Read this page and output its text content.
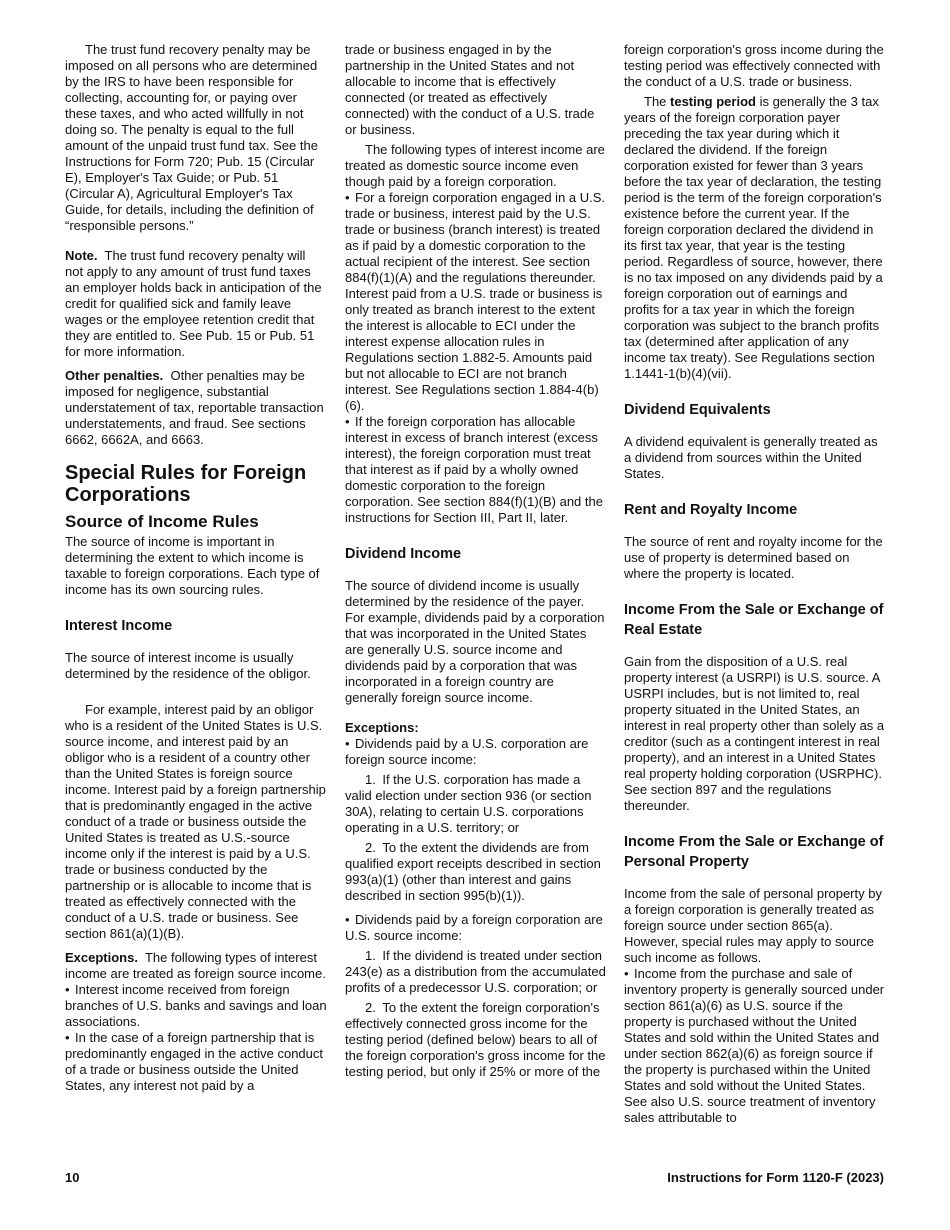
The trust fund recovery penalty may be imposed on all persons who are determined by the IRS to have been responsible for collecting, accounting for, or paying over these taxes, and who acted willfully in not doing so. The penalty is equal to the full amount of the unpaid trust fund tax. See the Instructions for Form 720; Pub. 15 (Circular E), Employer's Tax Guide; or Pub. 51 (Circular A), Agricultural Employer's Tax Guide, for details, including the definition of “responsible persons.”

Note. The trust fund recovery penalty will not apply to any amount of trust fund taxes an employer holds back in anticipation of the credit for qualified sick and family leave wages or the employee retention credit that they are entitled to. See Pub. 15 or Pub. 51 for more information.

Other penalties. Other penalties may be imposed for negligence, substantial understatement of tax, reportable transaction understatements, and fraud. See sections 6662, 6662A, and 6663.

Special Rules for Foreign Corporations
Source of Income Rules

The source of income is important in determining the extent to which income is taxable to foreign corporations. Each type of income has its own sourcing rules.

Interest Income

The source of interest income is usually determined by the residence of the obligor.

For example, interest paid by an obligor who is a resident of the United States is U.S. source income, and interest paid by an obligor who is a resident of a country other than the United States is foreign source income. Interest paid by a foreign partnership that is predominantly engaged in the active conduct of a trade or business outside the United States is treated as U.S.-source income only if the interest is paid by a U.S. trade or business conducted by the partnership or is allocable to income that is treated as effectively connected with the conduct of a U.S. trade or business. See section 861(a)(1)(B).

Exceptions. The following types of interest income are treated as foreign source income.

• Interest income received from foreign branches of U.S. banks and savings and loan associations.

• In the case of a foreign partnership that is predominantly engaged in the active conduct of a trade or business outside the United States, any interest not paid by a

trade or business engaged in by the partnership in the United States and not allocable to income that is effectively connected (or treated as effectively connected) with the conduct of a U.S. trade or business.

The following types of interest income are treated as domestic source income even though paid by a foreign corporation.

• For a foreign corporation engaged in a U.S. trade or business, interest paid by the U.S. trade or business (branch interest) is treated as if paid by a domestic corporation to the actual recipient of the interest. See section 884(f)(1)(A) and the regulations thereunder. Interest paid from a U.S. trade or business is only treated as branch interest to the extent the interest is allocable to ECI under the interest expense allocation rules in Regulations section 1.882-5. Amounts paid but not allocable to ECI are not branch interest. See Regulations section 1.884-4(b)(6).

• If the foreign corporation has allocable interest in excess of branch interest (excess interest), the foreign corporation must treat that interest as if paid by a wholly owned domestic corporation to the foreign corporation. See section 884(f)(1)(B) and the instructions for Section III, Part II, later.

Dividend Income

The source of dividend income is usually determined by the residence of the payer. For example, dividends paid by a corporation that was incorporated in the United States are generally U.S. source income and dividends paid by a corporation that was incorporated in a foreign country are generally foreign source income.

Exceptions:

• Dividends paid by a U.S. corporation are foreign source income:

1. If the U.S. corporation has made a valid election under section 936 (or section 30A), relating to certain U.S. corporations operating in a U.S. territory; or

2. To the extent the dividends are from qualified export receipts described in section 993(a)(1) (other than interest and gains described in section 995(b)(1)).

• Dividends paid by a foreign corporation are U.S. source income:

1. If the dividend is treated under section 243(e) as a distribution from the accumulated profits of a predecessor U.S. corporation; or

2. To the extent the foreign corporation's effectively connected gross income for the testing period (defined below) bears to all of the foreign corporation's gross income for the testing period, but only if 25% or more of the

foreign corporation's gross income during the testing period was effectively connected with the conduct of a U.S. trade or business.

The testing period is generally the 3 tax years of the foreign corporation payer preceding the tax year during which it declared the dividend. If the foreign corporation existed for fewer than 3 years before the tax year of declaration, the testing period is the term of the foreign corporation's existence before the current year. If the foreign corporation declared the dividend in its first tax year, that year is the testing period. Regardless of source, however, there is no tax imposed on any dividends paid by a foreign corporation out of earnings and profits for a tax year in which the foreign corporation was subject to the branch profits tax (determined after application of any income tax treaty). See Regulations section 1.1441-1(b)(4)(vii).

Dividend Equivalents

A dividend equivalent is generally treated as a dividend from sources within the United States.

Rent and Royalty Income

The source of rent and royalty income for the use of property is determined based on where the property is located.

Income From the Sale or Exchange of Real Estate

Gain from the disposition of a U.S. real property interest (a USRPI) is U.S. source. A USRPI includes, but is not limited to, real property situated in the United States, an interest in real property other than solely as a creditor (such as a contingent interest in real property), and an interest in a United States real property holding corporation (USRPHC). See section 897 and the regulations thereunder.

Income From the Sale or Exchange of Personal Property

Income from the sale of personal property by a foreign corporation is generally treated as foreign source under section 865(a). However, special rules may apply to source such income as follows.

• Income from the purchase and sale of inventory property is generally sourced under section 861(a)(6) as U.S. source if the property is purchased without the United States and sold within the United States and under section 862(a)(6) as foreign source if the property is purchased within the United States and sold without the United States. See also U.S. source treatment of inventory sales attributable to

10	Instructions for Form 1120-F (2023)
